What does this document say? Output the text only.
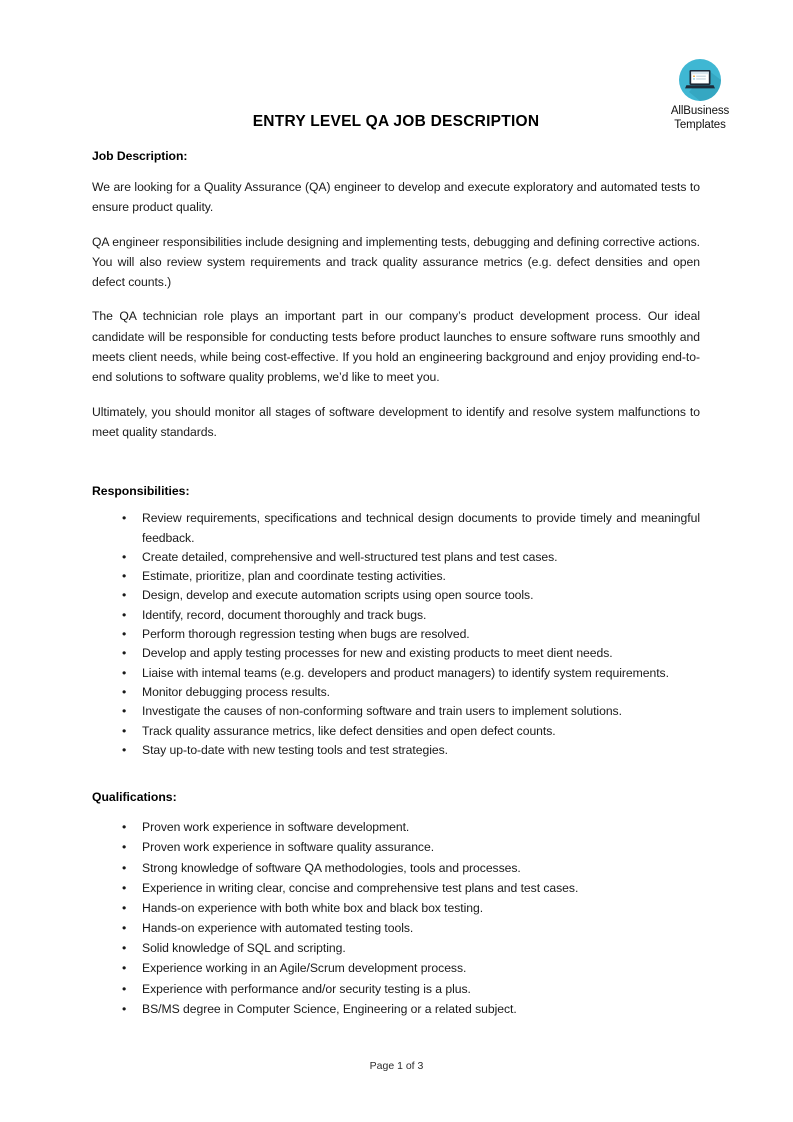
AllBusiness
Templates
ENTRY LEVEL QA JOB DESCRIPTION
Job Description:

We are looking for a Quality Assurance (QA) engineer to develop and execute exploratory and automated tests to ensure product quality.

QA engineer responsibilities include designing and implementing tests, debugging and defining corrective actions. You will also review system requirements and track quality assurance metrics (e.g. defect densities and open defect counts.)

The QA technician role plays an important part in our company’s product development process. Our ideal candidate will be responsible for conducting tests before product launches to ensure software runs smoothly and meets client needs, while being cost-effective. If you hold an engineering background and enjoy providing end-to-end solutions to software quality problems, we’d like to meet you.

Ultimately, you should monitor all stages of software development to identify and resolve system malfunctions to meet quality standards.

Responsibilities:
• Review requirements, specifications and technical design documents to provide timely and meaningful feedback.
• Create detailed, comprehensive and well-structured test plans and test cases.
• Estimate, prioritize, plan and coordinate testing activities.
• Design, develop and execute automation scripts using open source tools.
• Identify, record, document thoroughly and track bugs.
• Perform thorough regression testing when bugs are resolved.
• Develop and apply testing processes for new and existing products to meet dient needs.
• Liaise with intemal teams (e.g. developers and product managers) to identify system requirements.
• Monitor debugging process results.
• Investigate the causes of non-conforming software and train users to implement solutions.
• Track quality assurance metrics, like defect densities and open defect counts.
• Stay up-to-date with new testing tools and test strategies.
Qualifications:
• Proven work experience in software development.
• Proven work experience in software quality assurance.
• Strong knowledge of software QA methodologies, tools and processes.
• Experience in writing clear, concise and comprehensive test plans and test cases.
• Hands-on experience with both white box and black box testing.
• Hands-on experience with automated testing tools.
• Solid knowledge of SQL and scripting.
• Experience working in an Agile/Scrum development process.
• Experience with performance and/or security testing is a plus.
• BS/MS degree in Computer Science, Engineering or a related subject.
Page 1 of 3
